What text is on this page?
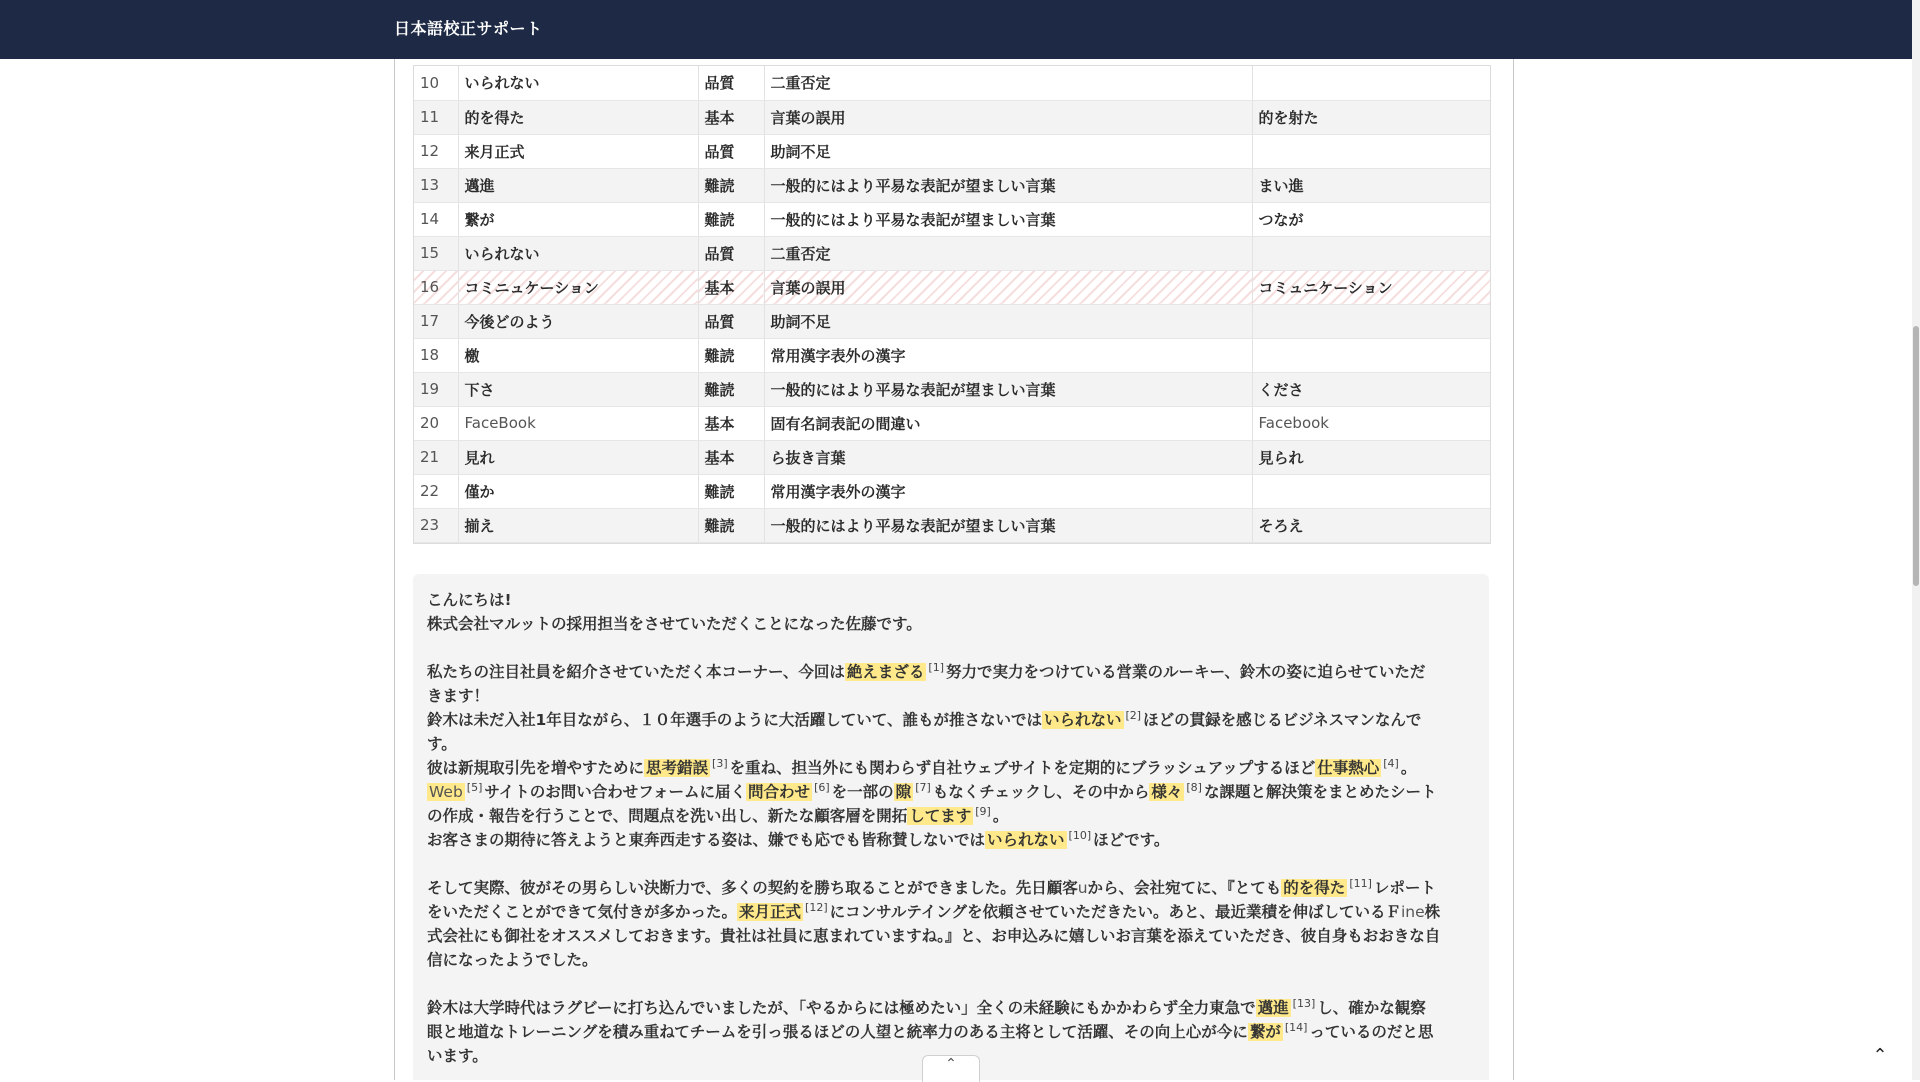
日本語校正サポート
10	いられない	品質	二重否定	
11	的を得た	基本	言葉の誤用	的を射た
12	来月正式	品質	助詞不足	
13	邁進	難読	一般的にはより平易な表記が望ましい言葉	まい進
14	繋が	難読	一般的にはより平易な表記が望ましい言葉	つなが
15	いられない	品質	二重否定	
16	コミニュケーション	基本	言葉の誤用	コミュニケーション
17	今後どのよう	品質	助詞不足	
18	檄	難読	常用漢字表外の漢字	
19	下さ	難読	一般的にはより平易な表記が望ましい言葉	くださ
20	FaceBook	基本	固有名詞表記の間違い	Facebook
21	見れ	基本	ら抜き言葉	見られ
22	僅か	難読	常用漢字表外の漢字	
23	揃え	難読	一般的にはより平易な表記が望ましい言葉	そろえ
こんにちは!
株式会社マルットの採用担当をさせていただくことになった佐藤です。
私たちの注目社員を紹介させていただく本コーナー、今回は 絶えまざる [1] 努力で実力をつけている営業のルーキー、鈴木の姿に迫らせていただ
きます！
鈴木は未だ入社1年目ながら、１０年選手のように大活躍していて、誰もが推さないでは いられない [2] ほどの貫録を感じるビジネスマンなんで
す。
彼は新規取引先を増やすために 思考錯誤 [3] を重ね、担当外にも関わらず自社ウェブサイトを定期的にブラッシュアップするほど 仕事熱心 [4] 。
Web [5] サイトのお問い合わせフォームに届く 問合わせ [6] を一部の 隙 [7] もなくチェックし、その中から 様々 [8] な課題と解決策をまとめたシート
の作成・報告を行うことで、問題点を洗い出し、新たな顧客層を開拓 してます [9] 。
お客さまの期待に答えようと東奔西走する姿は、嫌でも応でも皆称賛しないでは いられない [10] ほどです。
そして実際、彼がその男らしい決断力で、多くの契約を勝ち取ることができました。先日顧客uから、会社宛てに、『とても 的を得た [11] レポート
をいただくことができて気付きが多かった。 来月正式 [12] にコンサルテイングを依頼させていただきたい。あと、最近業積を伸ばしているＦine株
式会社にも御社をオススメしておきます。貴社は社員に恵まれていますね。』と、お申込みに嬉しいお言葉を添えていただき、彼自身もおおきな自
信になったようでした。
鈴木は大学時代はラグビーに打ち込んでいましたが、「やるからには極めたい」全くの未経験にもかかわらず全力東急で 邁進 [13] し、確かな観察
眼と地道なトレーニングを積み重ねてチームを引っ張るほどの人望と統率力のある主将として活躍、その向上心が今に 繋が [14] っているのだと思
います。	⌃	⌃
